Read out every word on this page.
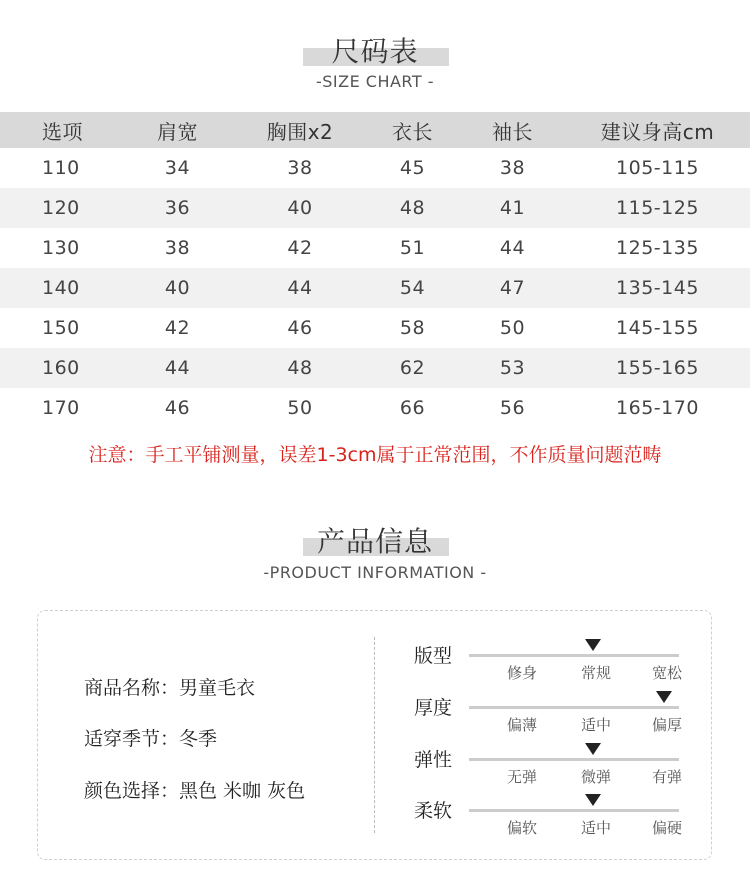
尺码表
-SIZE CHART -
选项	肩宽	胸围x2	衣长	袖长	建议身高cm
110	34	38	45	38	105-115
120	36	40	48	41	115-125
130	38	42	51	44	125-135
140	40	44	54	47	135-145
150	42	46	58	50	145-155
160	44	48	62	53	155-165
170	46	50	66	56	165-170
注意：手工平铺测量，误差1-3cm属于正常范围，不作质量问题范畴
产品信息
-PRODUCT INFORMATION -
商品名称：男童毛衣
适穿季节：冬季
颜色选择：黑色 米咖 灰色
版型
修身	常规	宽松
厚度
偏薄	适中	偏厚
弹性
无弹	微弹	有弹
柔软
偏软	适中	偏硬
